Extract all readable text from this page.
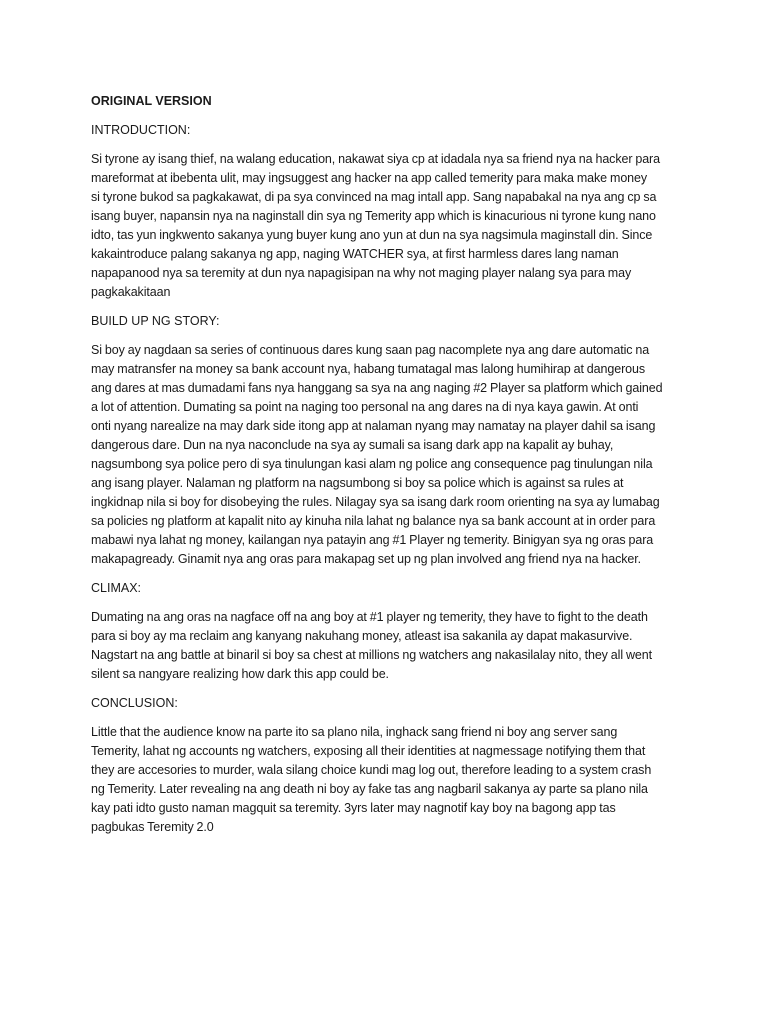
ORIGINAL VERSION
INTRODUCTION:
Si tyrone ay isang thief, na walang education, nakawat siya cp at idadala nya sa friend nya na hacker para
mareformat at ibebenta ulit, may ingsuggest ang hacker na app called temerity para maka make money
si tyrone bukod sa pagkakawat, di pa sya convinced na mag intall app. Sang napabakal na nya ang cp sa
isang buyer, napansin nya na naginstall din sya ng Temerity app which is kinacurious ni tyrone kung nano
idto, tas yun ingkwento sakanya yung buyer kung ano yun at dun na sya nagsimula maginstall din. Since
kakaintroduce palang sakanya ng app, naging WATCHER sya, at first harmless dares lang naman
napapanood nya sa teremity at dun nya napagisipan na why not maging player nalang sya para may
pagkakakitaan
BUILD UP NG STORY:
Si boy ay nagdaan sa series of continuous dares kung saan pag nacomplete nya ang dare automatic na
may matransfer na money sa bank account nya, habang tumatagal mas lalong humihirap at dangerous
ang dares at mas dumadami fans nya hanggang sa sya na ang naging #2 Player sa platform which gained
a lot of attention. Dumating sa point na naging too personal na ang dares na di nya kaya gawin. At onti
onti nyang narealize na may dark side itong app at nalaman nyang may namatay na player dahil sa isang
dangerous dare. Dun na nya naconclude na sya ay sumali sa isang dark app na kapalit ay buhay,
nagsumbong sya police pero di sya tinulungan kasi alam ng police ang consequence pag tinulungan nila
ang isang player. Nalaman ng platform na nagsumbong si boy sa police which is against sa rules at
ingkidnap nila si boy for disobeying the rules. Nilagay sya sa isang dark room orienting na sya ay lumabag
sa policies ng platform at kapalit nito ay kinuha nila lahat ng balance nya sa bank account at in order para
mabawi nya lahat ng money, kailangan nya patayin ang #1 Player ng temerity. Binigyan sya ng oras para
makapagready. Ginamit nya ang oras para makapag set up ng plan involved ang friend nya na hacker.
CLIMAX:
Dumating na ang oras na nagface off na ang boy at #1 player ng temerity, they have to fight to the death
para si boy ay ma reclaim ang kanyang nakuhang money, atleast isa sakanila ay dapat makasurvive.
Nagstart na ang battle at binaril si boy sa chest at millions ng watchers ang nakasilalay nito, they all went
silent sa nangyare realizing how dark this app could be.
CONCLUSION:
Little that the audience know na parte ito sa plano nila, inghack sang friend ni boy ang server sang
Temerity, lahat ng accounts ng watchers, exposing all their identities at nagmessage notifying them that
they are accesories to murder, wala silang choice kundi mag log out, therefore leading to a system crash
ng Temerity. Later revealing na ang death ni boy ay fake tas ang nagbaril sakanya ay parte sa plano nila
kay pati idto gusto naman magquit sa teremity. 3yrs later may nagnotif kay boy na bagong app tas
pagbukas Teremity 2.0
